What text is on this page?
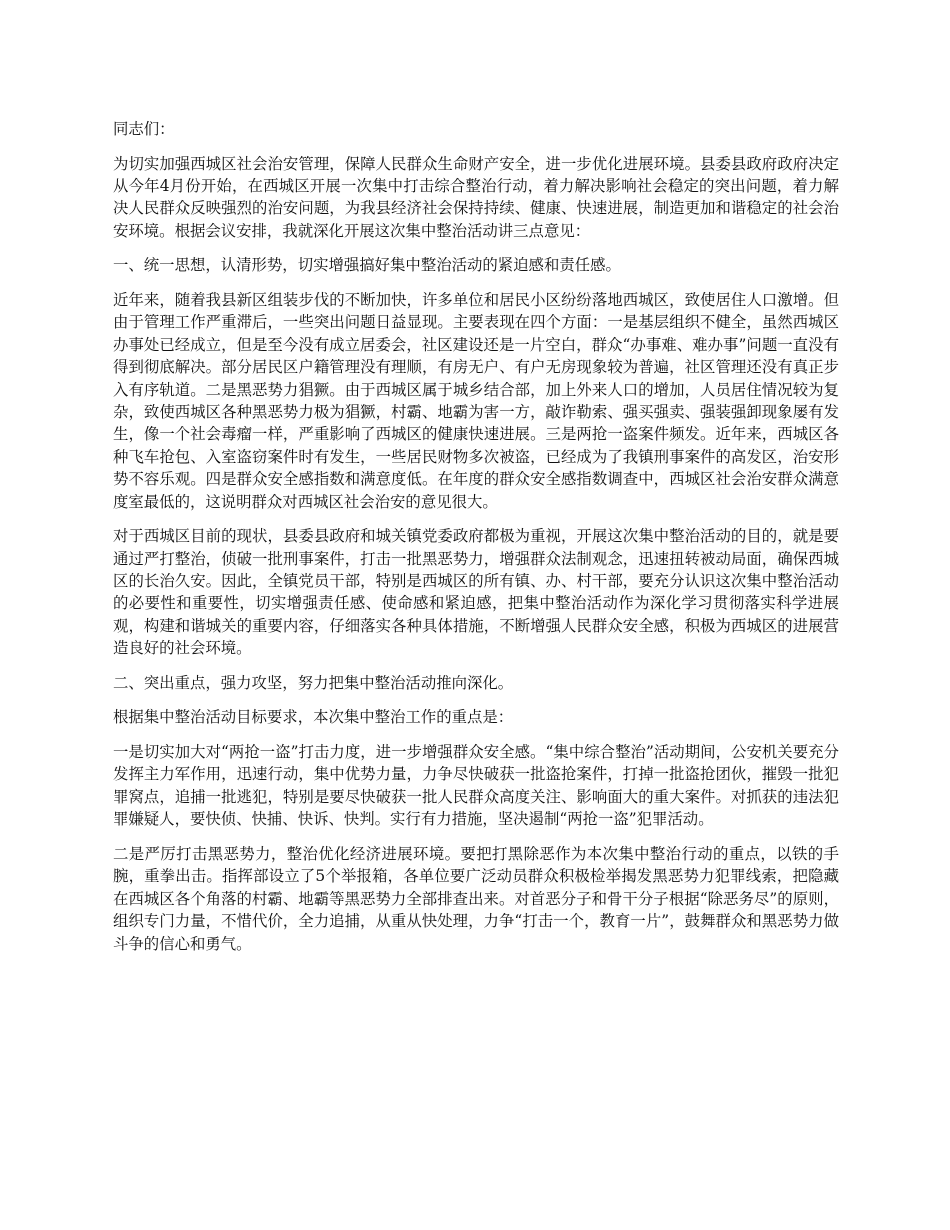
同志们：

为切实加强西城区社会治安管理，保障人民群众生命财产安全，进一步优化进展环境。县委县政府政府决定从今年4月份开始，在西城区开展一次集中打击综合整治行动，着力解决影响社会稳定的突出问题，着力解决人民群众反映强烈的治安问题，为我县经济社会保持持续、健康、快速进展，制造更加和谐稳定的社会治安环境。根据会议安排，我就深化开展这次集中整治活动讲三点意见：

一、统一思想，认清形势，切实增强搞好集中整治活动的紧迫感和责任感。

近年来，随着我县新区组装步伐的不断加快，许多单位和居民小区纷纷落地西城区，致使居住人口激增。但由于管理工作严重滞后，一些突出问题日益显现。主要表现在四个方面：一是基层组织不健全，虽然西城区办事处已经成立，但是至今没有成立居委会，社区建设还是一片空白，群众“办事难、难办事”问题一直没有得到彻底解决。部分居民区户籍管理没有理顺，有房无户、有户无房现象较为普遍，社区管理还没有真正步入有序轨道。二是黑恶势力猖獗。由于西城区属于城乡结合部，加上外来人口的增加，人员居住情况较为复杂，致使西城区各种黑恶势力极为猖獗，村霸、地霸为害一方，敲诈勒索、强买强卖、强装强卸现象屡有发生，像一个社会毒瘤一样，严重影响了西城区的健康快速进展。三是两抢一盗案件频发。近年来，西城区各种飞车抢包、入室盗窃案件时有发生，一些居民财物多次被盗，已经成为了我镇刑事案件的高发区，治安形势不容乐观。四是群众安全感指数和满意度低。在年度的群众安全感指数调查中，西城区社会治安群众满意度室最低的，这说明群众对西城区社会治安的意见很大。

对于西城区目前的现状，县委县政府和城关镇党委政府都极为重视，开展这次集中整治活动的目的，就是要通过严打整治，侦破一批刑事案件，打击一批黑恶势力，增强群众法制观念，迅速扭转被动局面，确保西城区的长治久安。因此，全镇党员干部，特别是西城区的所有镇、办、村干部，要充分认识这次集中整治活动的必要性和重要性，切实增强责任感、使命感和紧迫感，把集中整治活动作为深化学习贯彻落实科学进展观，构建和谐城关的重要内容，仔细落实各种具体措施，不断增强人民群众安全感，积极为西城区的进展营造良好的社会环境。

二、突出重点，强力攻坚，努力把集中整治活动推向深化。

根据集中整治活动目标要求，本次集中整治工作的重点是：

一是切实加大对“两抢一盗”打击力度，进一步增强群众安全感。“集中综合整治”活动期间，公安机关要充分发挥主力军作用，迅速行动，集中优势力量，力争尽快破获一批盗抢案件，打掉一批盗抢团伙，摧毁一批犯罪窝点，追捕一批逃犯，特别是要尽快破获一批人民群众高度关注、影响面大的重大案件。对抓获的违法犯罪嫌疑人，要快侦、快捕、快诉、快判。实行有力措施，坚决遏制“两抢一盗”犯罪活动。

二是严厉打击黑恶势力，整治优化经济进展环境。要把打黑除恶作为本次集中整治行动的重点，以铁的手腕，重拳出击。指挥部设立了5个举报箱，各单位要广泛动员群众积极检举揭发黑恶势力犯罪线索，把隐藏在西城区各个角落的村霸、地霸等黑恶势力全部排查出来。对首恶分子和骨干分子根据“除恶务尽”的原则，组织专门力量，不惜代价，全力追捕，从重从快处理，力争“打击一个，教育一片”，鼓舞群众和黑恶势力做斗争的信心和勇气。
